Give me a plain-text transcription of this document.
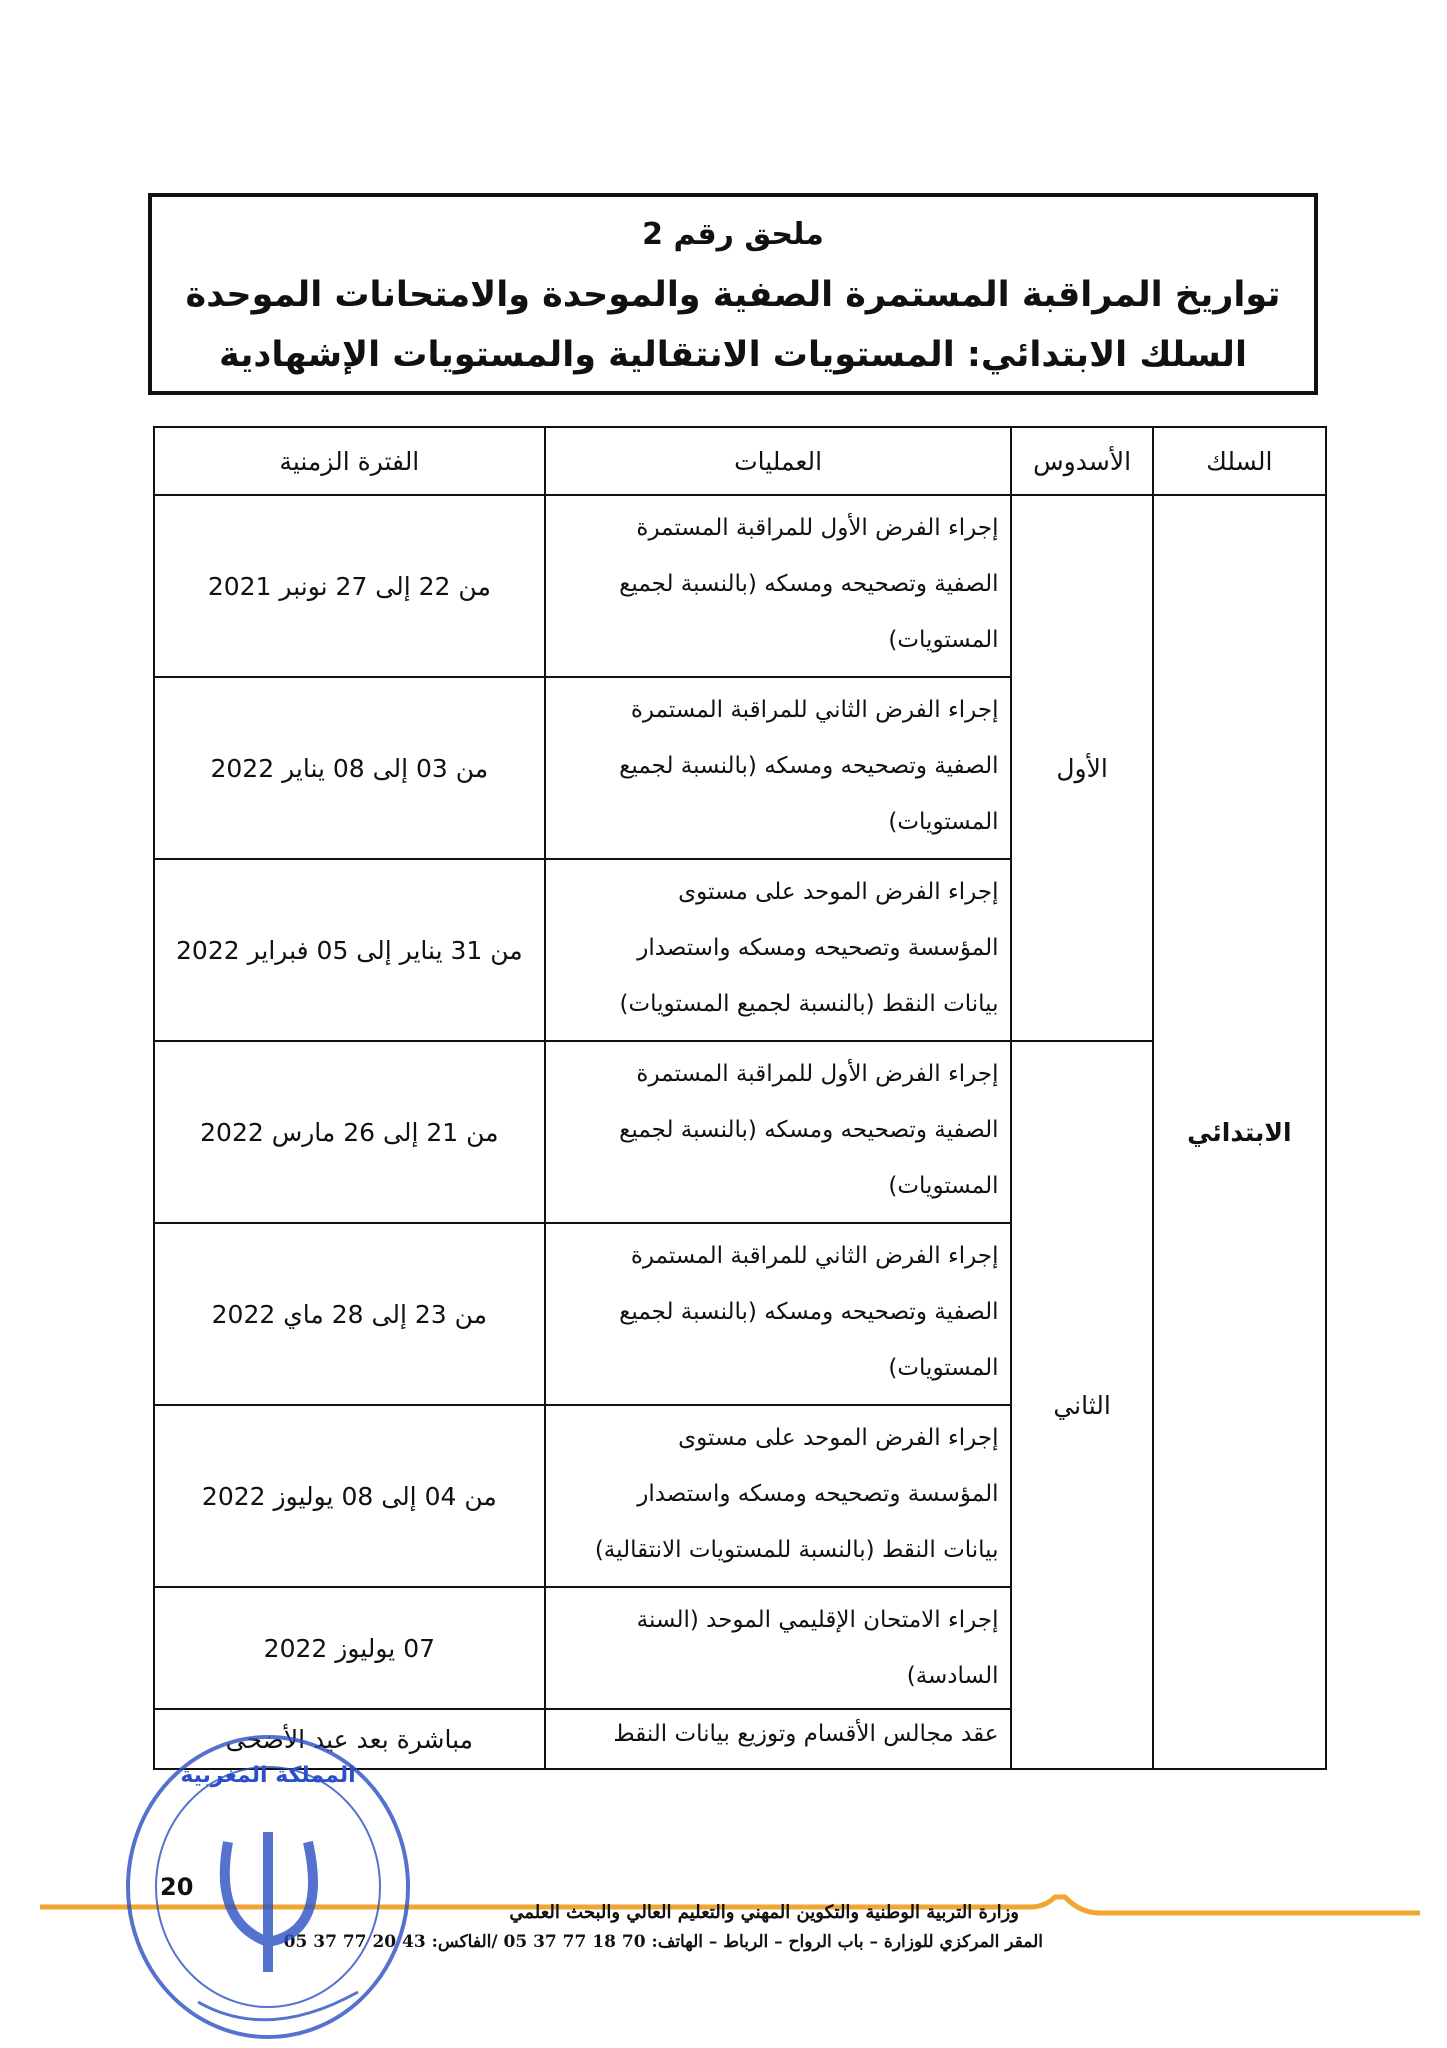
ملحق رقم 2
تواريخ المراقبة المستمرة الصفية والموحدة والامتحانات الموحدة
السلك الابتدائي: المستويات الانتقالية والمستويات الإشهادية
السلك	الأسدوس	العمليات	الفترة الزمنية
الابتدائي	الأول	إجراء الفرض الأول للمراقبة المستمرة
الصفية وتصحيحه ومسكه (بالنسبة لجميع
المستويات)	من 22 إلى 27 نونبر 2021

		إجراء الفرض الثاني للمراقبة المستمرة
الصفية وتصحيحه ومسكه (بالنسبة لجميع
المستويات)	من 03 إلى 08 يناير 2022

		إجراء الفرض الموحد على مستوى
المؤسسة وتصحيحه ومسكه واستصدار
بيانات النقط (بالنسبة لجميع المستويات)	من 31 يناير إلى 05 فبراير 2022
	الثاني	إجراء الفرض الأول للمراقبة المستمرة
الصفية وتصحيحه ومسكه (بالنسبة لجميع
المستويات)	من 21 إلى 26 مارس 2022

		إجراء الفرض الثاني للمراقبة المستمرة
الصفية وتصحيحه ومسكه (بالنسبة لجميع
المستويات)	من 23 إلى 28 ماي 2022

		إجراء الفرض الموحد على مستوى
المؤسسة وتصحيحه ومسكه واستصدار
بيانات النقط (بالنسبة للمستويات الانتقالية)	من 04 إلى 08 يوليوز 2022

		إجراء الامتحان الإقليمي الموحد (السنة
السادسة)	07 يوليوز 2022

		عقد مجالس الأقسام وتوزيع بيانات النقط	مباشرة بعد عيد الأضحى
20
وزارة التربية الوطنية والتكوين المهني والتعليم العالي والبحث العلمي
المقر المركزي للوزارة – باب الرواح – الرباط – الهاتف: 70 18 77 37 05 /الفاكس: 43 20 77 37 05
المملكة المغربية
